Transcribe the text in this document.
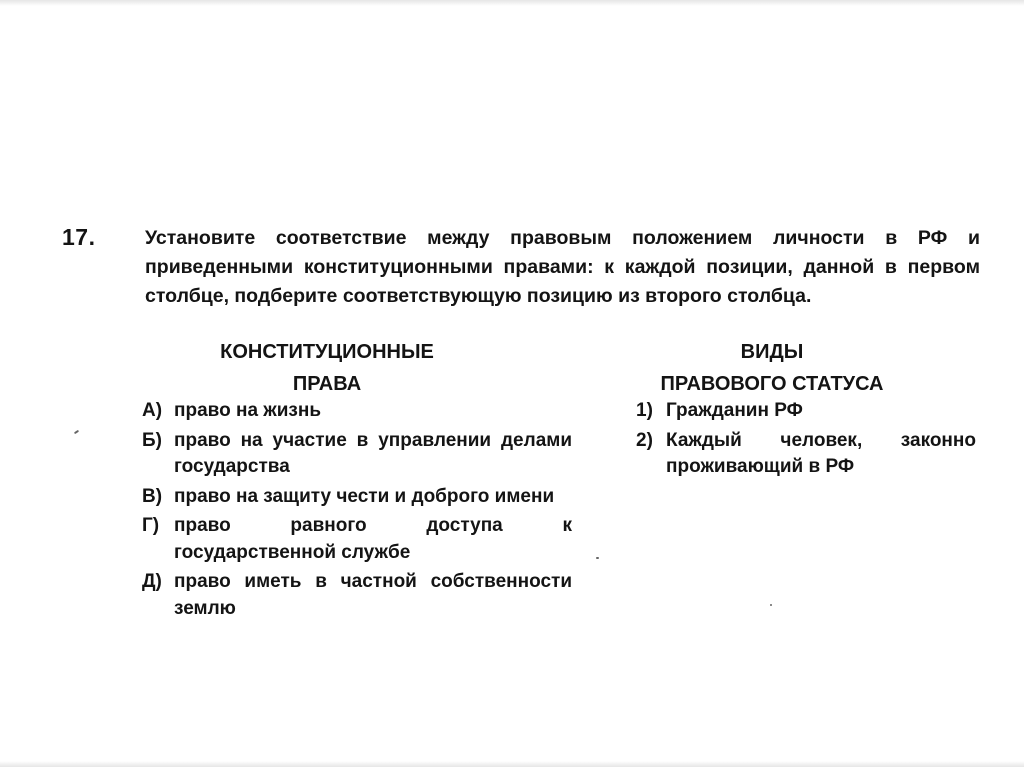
17.	Установите соответствие между правовым положением личности в РФ и приведенными конституционными правами: к каждой позиции, данной в первом столбце, подберите соответствующую позицию из второго столбца.

КОНСТИТУЦИОННЫЕ
ПРАВА
ВИДЫ
ПРАВОВОГО СТАТУСА
А) право на жизнь
Б) право на участие в управлении делами государства
В) право на защиту чести и доброго имени
Г) право равного доступа к государственной службе
Д) право иметь в частной собственности землю
1) Гражданин РФ
2) Каждый человек, законно проживающий в РФ
